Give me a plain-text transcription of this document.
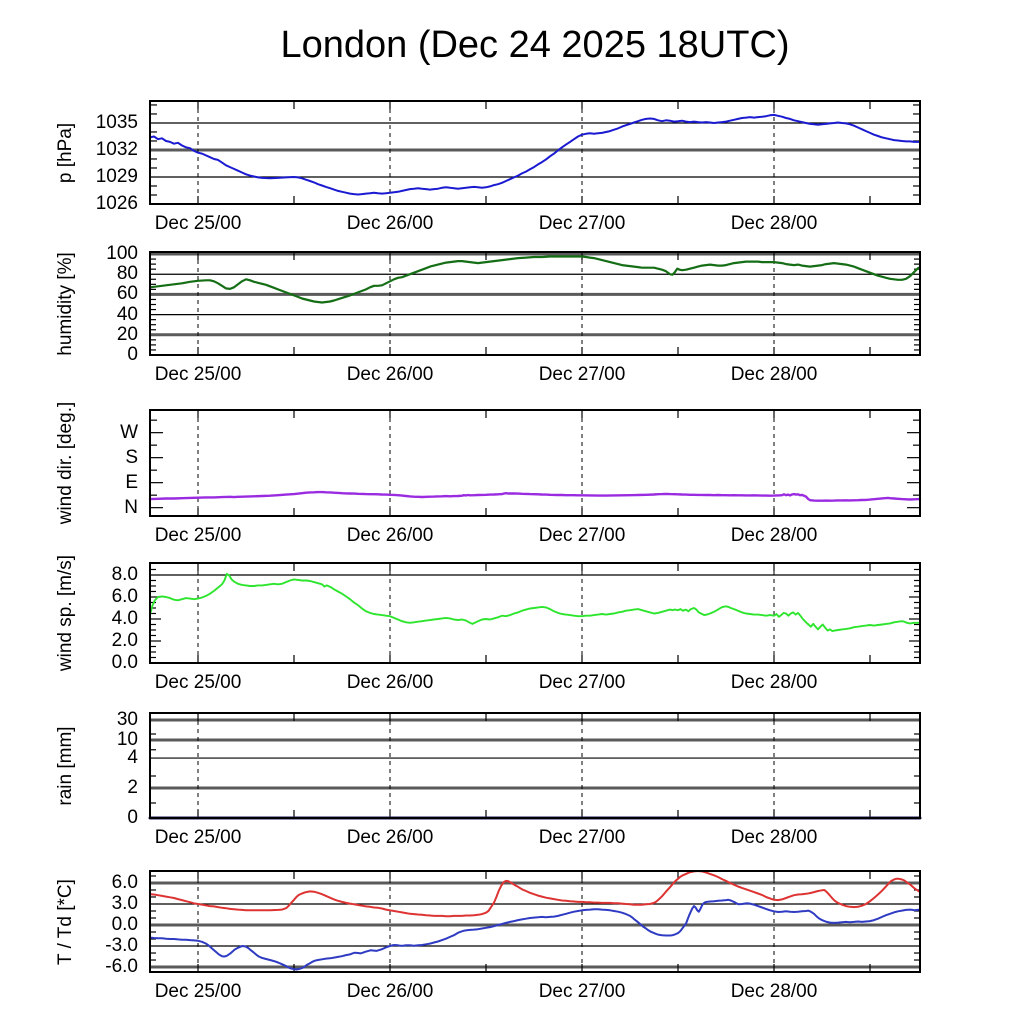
London (Dec 24 2025 18UTC)
1035
1032
1029
1026
p [hPa]
Dec 25/00	Dec 26/00	Dec 27/00	Dec 28/00
100
80
60
40
20
0
humidity [%]
Dec 25/00	Dec 26/00	Dec 27/00	Dec 28/00
W
S
E
N
wind dir. [deg.]
Dec 25/00	Dec 26/00	Dec 27/00	Dec 28/00
8.0
6.0
4.0
2.0
0.0
wind sp. [m/s]
Dec 25/00	Dec 26/00	Dec 27/00	Dec 28/00
30
10
4
2
0
rain [mm]
Dec 25/00	Dec 26/00	Dec 27/00	Dec 28/00
6.0
3.0
0.0
-3.0
-6.0
T / Td [*C]
Dec 25/00	Dec 26/00	Dec 27/00	Dec 28/00
